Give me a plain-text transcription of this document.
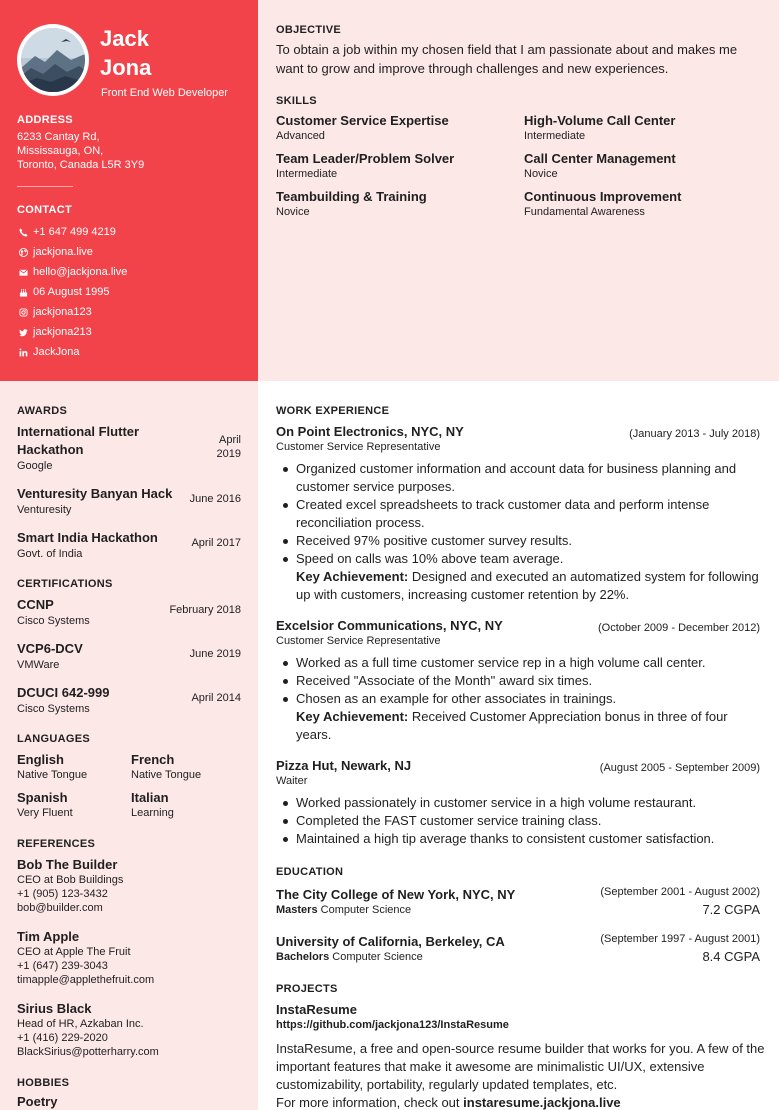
Jack
Jona
Front End Web Developer
ADDRESS
6233 Cantay Rd,
Mississauga, ON,
Toronto, Canada L5R 3Y9
CONTACT
+1 647 499 4219
jackjona.live
hello@jackjona.live
06 August 1995
jackjona123
jackjona213
JackJona
OBJECTIVE
To obtain a job within my chosen field that I am passionate about and makes me want to grow and improve through challenges and new experiences.
SKILLS
Customer Service Expertise
Advanced
High-Volume Call Center
Intermediate
Team Leader/Problem Solver
Intermediate
Call Center Management
Novice
Teambuilding & Training
Novice
Continuous Improvement
Fundamental Awareness
AWARDS
International Flutter
Hackathon
Google
April
2019
Venturesity Banyan Hack
Venturesity
June 2016
Smart India Hackathon
Govt. of India
April 2017
CERTIFICATIONS
CCNP
Cisco Systems
February 2018
VCP6-DCV
VMWare
June 2019
DCUCI 642-999
Cisco Systems
April 2014
LANGUAGES
English
Native Tongue
French
Native Tongue
Spanish
Very Fluent
Italian
Learning
REFERENCES
Bob The Builder
CEO at Bob Buildings
+1 (905) 123-3432
bob@builder.com
Tim Apple
CEO at Apple The Fruit
+1 (647) 239-3043
timapple@applethefruit.com
Sirius Black
Head of HR, Azkaban Inc.
+1 (416) 229-2020
BlackSirius@potterharry.com
HOBBIES
Poetry
WORK EXPERIENCE
On Point Electronics, NYC, NY
Customer Service Representative
(January 2013 - July 2018)
Organized customer information and account data for business planning and customer service purposes.
Created excel spreadsheets to track customer data and perform intense reconciliation process.
Received 97% positive customer survey results.
Speed on calls was 10% above team average.
Key Achievement: Designed and executed an automatized system for following up with customers, increasing customer retention by 22%.
Excelsior Communications, NYC, NY
Customer Service Representative
(October 2009 - December 2012)
Worked as a full time customer service rep in a high volume call center.
Received "Associate of the Month" award six times.
Chosen as an example for other associates in trainings.
Key Achievement: Received Customer Appreciation bonus in three of four years.
Pizza Hut, Newark, NJ
Waiter
(August 2005 - September 2009)
Worked passionately in customer service in a high volume restaurant.
Completed the FAST customer service training class.
Maintained a high tip average thanks to consistent customer satisfaction.
EDUCATION
The City College of New York, NYC, NY
Masters Computer Science
(September 2001 - August 2002)
7.2 CGPA
University of California, Berkeley, CA
Bachelors Computer Science
(September 1997 - August 2001)
8.4 CGPA
PROJECTS
InstaResume
https://github.com/jackjona123/InstaResume
InstaResume, a free and open-source resume builder that works for you. A few of the important features that make it awesome are minimalistic UI/UX, extensive customizability, portability, regularly updated templates, etc.
For more information, check out instaresume.jackjona.live
